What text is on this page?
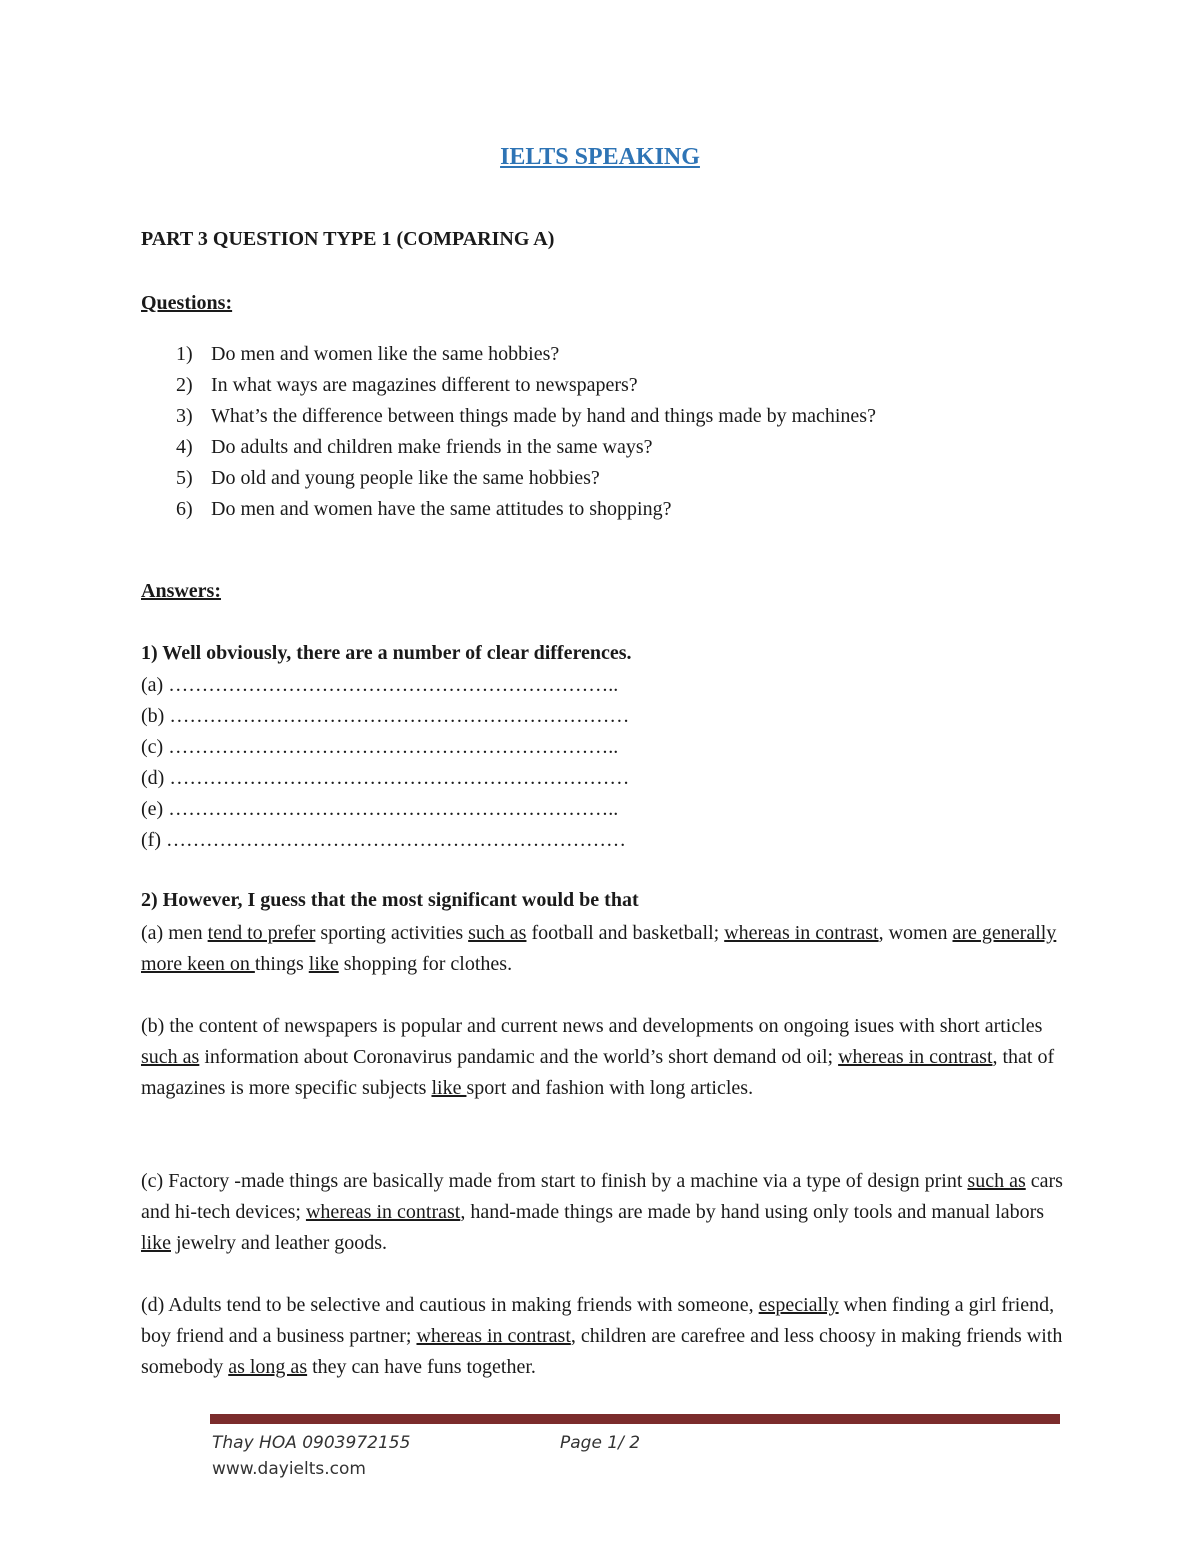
IELTS SPEAKING
PART 3 QUESTION TYPE 1 (COMPARING A)
Questions:
1) Do men and women like the same hobbies?
2) In what ways are magazines different to newspapers?
3) What’s the difference between things made by hand and things made by machines?
4) Do adults and children make friends in the same ways?
5) Do old and young people like the same hobbies?
6) Do men and women have the same attitudes to shopping?
Answers:
1) Well obviously, there are a number of clear differences.
(a) …………………………………………………………..
(b) ……………………………………………………………
(c) …………………………………………………………..
(d) ……………………………………………………………
(e) …………………………………………………………..
(f) ……………………………………………………………
2) However, I guess that the most significant would be that
(a) men tend to prefer sporting activities such as football and basketball; whereas in contrast, women are generally more keen on things like shopping for clothes.
(b) the content of newspapers is popular and current news and developments on ongoing isues with short articles such as information about Coronavirus pandamic and the world’s short demand od oil; whereas in contrast, that of magazines is more specific subjects like sport and fashion with long articles.
(c) Factory -made things are basically made from start to finish by a machine via a type of design print such as cars and hi-tech devices; whereas in contrast, hand-made things are made by hand using only tools and manual labors like jewelry and leather goods.
(d) Adults tend to be selective and cautious in making friends with someone, especially when finding a girl friend, boy friend and a business partner; whereas in contrast, children are carefree and less choosy in making friends with somebody as long as they can have funs together.
Thay HOA 0903972155	Page 1/ 2
www.dayielts.com
